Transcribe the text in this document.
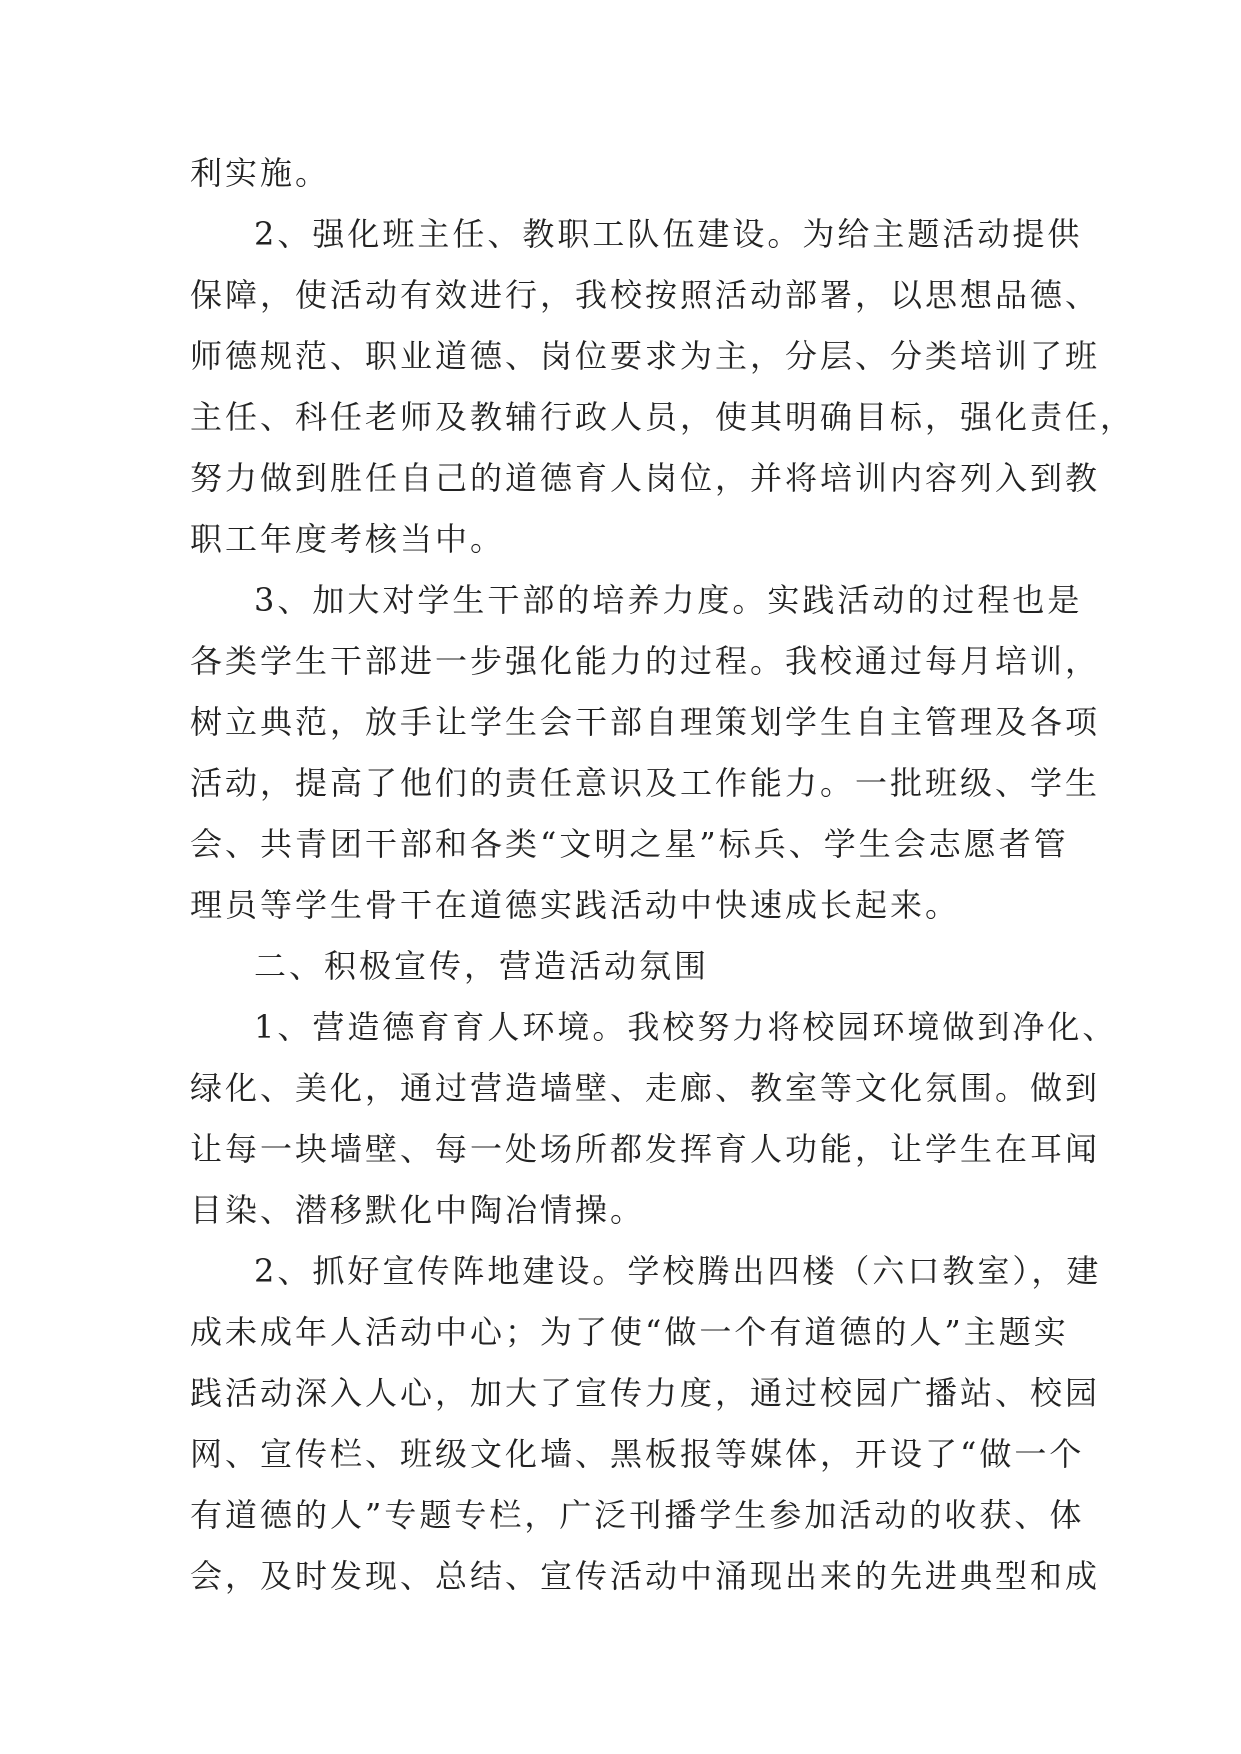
利实施。
2、强化班主任、教职工队伍建设。为给主题活动提供
保障，使活动有效进行，我校按照活动部署，以思想品德、
师德规范、职业道德、岗位要求为主，分层、分类培训了班
主任、科任老师及教辅行政人员，使其明确目标，强化责任，
努力做到胜任自己的道德育人岗位，并将培训内容列入到教
职工年度考核当中。
3、加大对学生干部的培养力度。实践活动的过程也是
各类学生干部进一步强化能力的过程。我校通过每月培训，
树立典范，放手让学生会干部自理策划学生自主管理及各项
活动，提高了他们的责任意识及工作能力。一批班级、学生
会、共青团干部和各类“文明之星”标兵、学生会志愿者管
理员等学生骨干在道德实践活动中快速成长起来。
二、积极宣传，营造活动氛围
1、营造德育育人环境。我校努力将校园环境做到净化、
绿化、美化，通过营造墙壁、走廊、教室等文化氛围。做到
让每一块墙壁、每一处场所都发挥育人功能，让学生在耳闻
目染、潜移默化中陶冶情操。
2、抓好宣传阵地建设。学校腾出四楼（六口教室），建
成未成年人活动中心；为了使“做一个有道德的人”主题实
践活动深入人心，加大了宣传力度，通过校园广播站、校园
网、宣传栏、班级文化墙、黑板报等媒体，开设了“做一个
有道德的人”专题专栏，广泛刊播学生参加活动的收获、体
会，及时发现、总结、宣传活动中涌现出来的先进典型和成
